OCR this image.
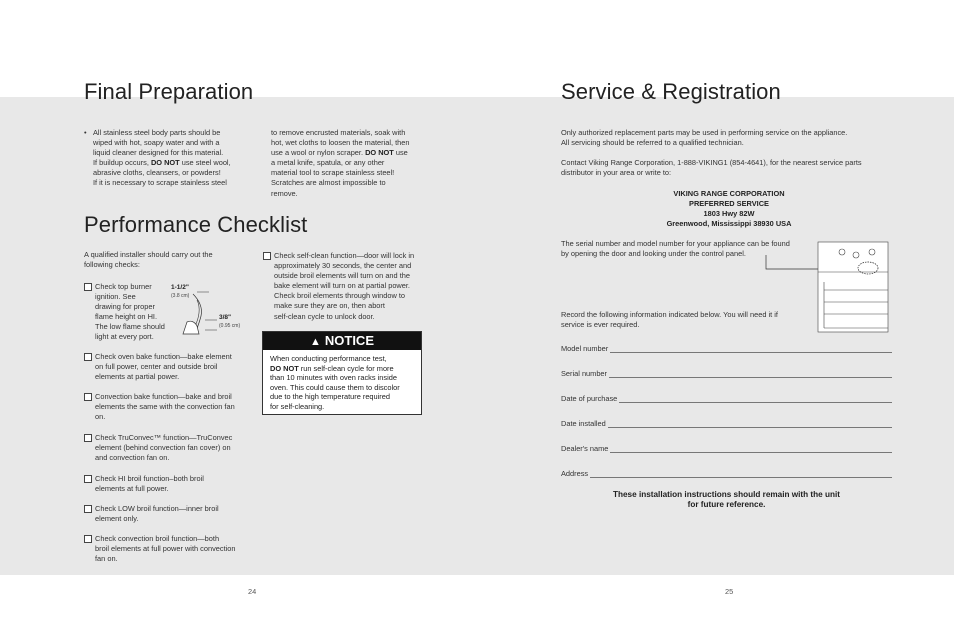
Final Preparation
• All stainless steel body parts should be
wiped with hot, soapy water and with a
liquid cleaner designed for this material.
If buildup occurs, DO NOT use steel wool,
abrasive cloths, cleansers, or powders!
If it is necessary to scrape stainless steel
to remove encrusted materials, soak with
hot, wet cloths to loosen the material, then
use a wool or nylon scraper. DO NOT use
a metal knife, spatula, or any other
material tool to scrape stainless steel!
Scratches are almost impossible to
remove.
Performance Checklist
A qualified installer should carry out the
following checks:
Check top burner
ignition. See
drawing for proper
flame height on HI.
The low flame should
light at every port.
1-1/2"
(3.8 cm)
3/8"
(0.95 cm)
Check oven bake function—bake element
on full power, center and outside broil
elements at partial power.
Convection bake function—bake and broil
elements the same with the convection fan
on.
Check TruConvec™ function—TruConvec
element (behind convection fan cover) on
and convection fan on.
Check HI broil function–both broil
elements at full power.
Check LOW broil function—inner broil
element only.
Check convection broil function—both
broil elements at full power with convection
fan on.
Check self-clean function—door will lock in
approximately 30 seconds, the center and
outside broil elements will turn on and the
bake element will turn on at partial power.
Check broil elements through window to
make sure they are on, then abort
self-clean cycle to unlock door.
▲ NOTICE
When conducting performance test,
DO NOT run self-clean cycle for more
than 10 minutes with oven racks inside
oven. This could cause them to discolor
due to the high temperature required
for self-cleaning.
24
Service & Registration
Only authorized replacement parts may be used in performing service on the appliance.
All servicing should be referred to a qualified technician.
Contact Viking Range Corporation, 1-888-VIKING1 (854-4641), for the nearest service parts
distributor in your area or write to:
VIKING RANGE CORPORATION
PREFERRED SERVICE
1803 Hwy 82W
Greenwood, Mississippi 38930 USA
The serial number and model number for your appliance can be found
by opening the door and looking under the control panel.
Record the following information indicated below. You will need it if
service is ever required.
Model number
Serial number
Date of purchase
Date installed
Dealer's name
Address
These installation instructions should remain with the unit
for future reference.
25
